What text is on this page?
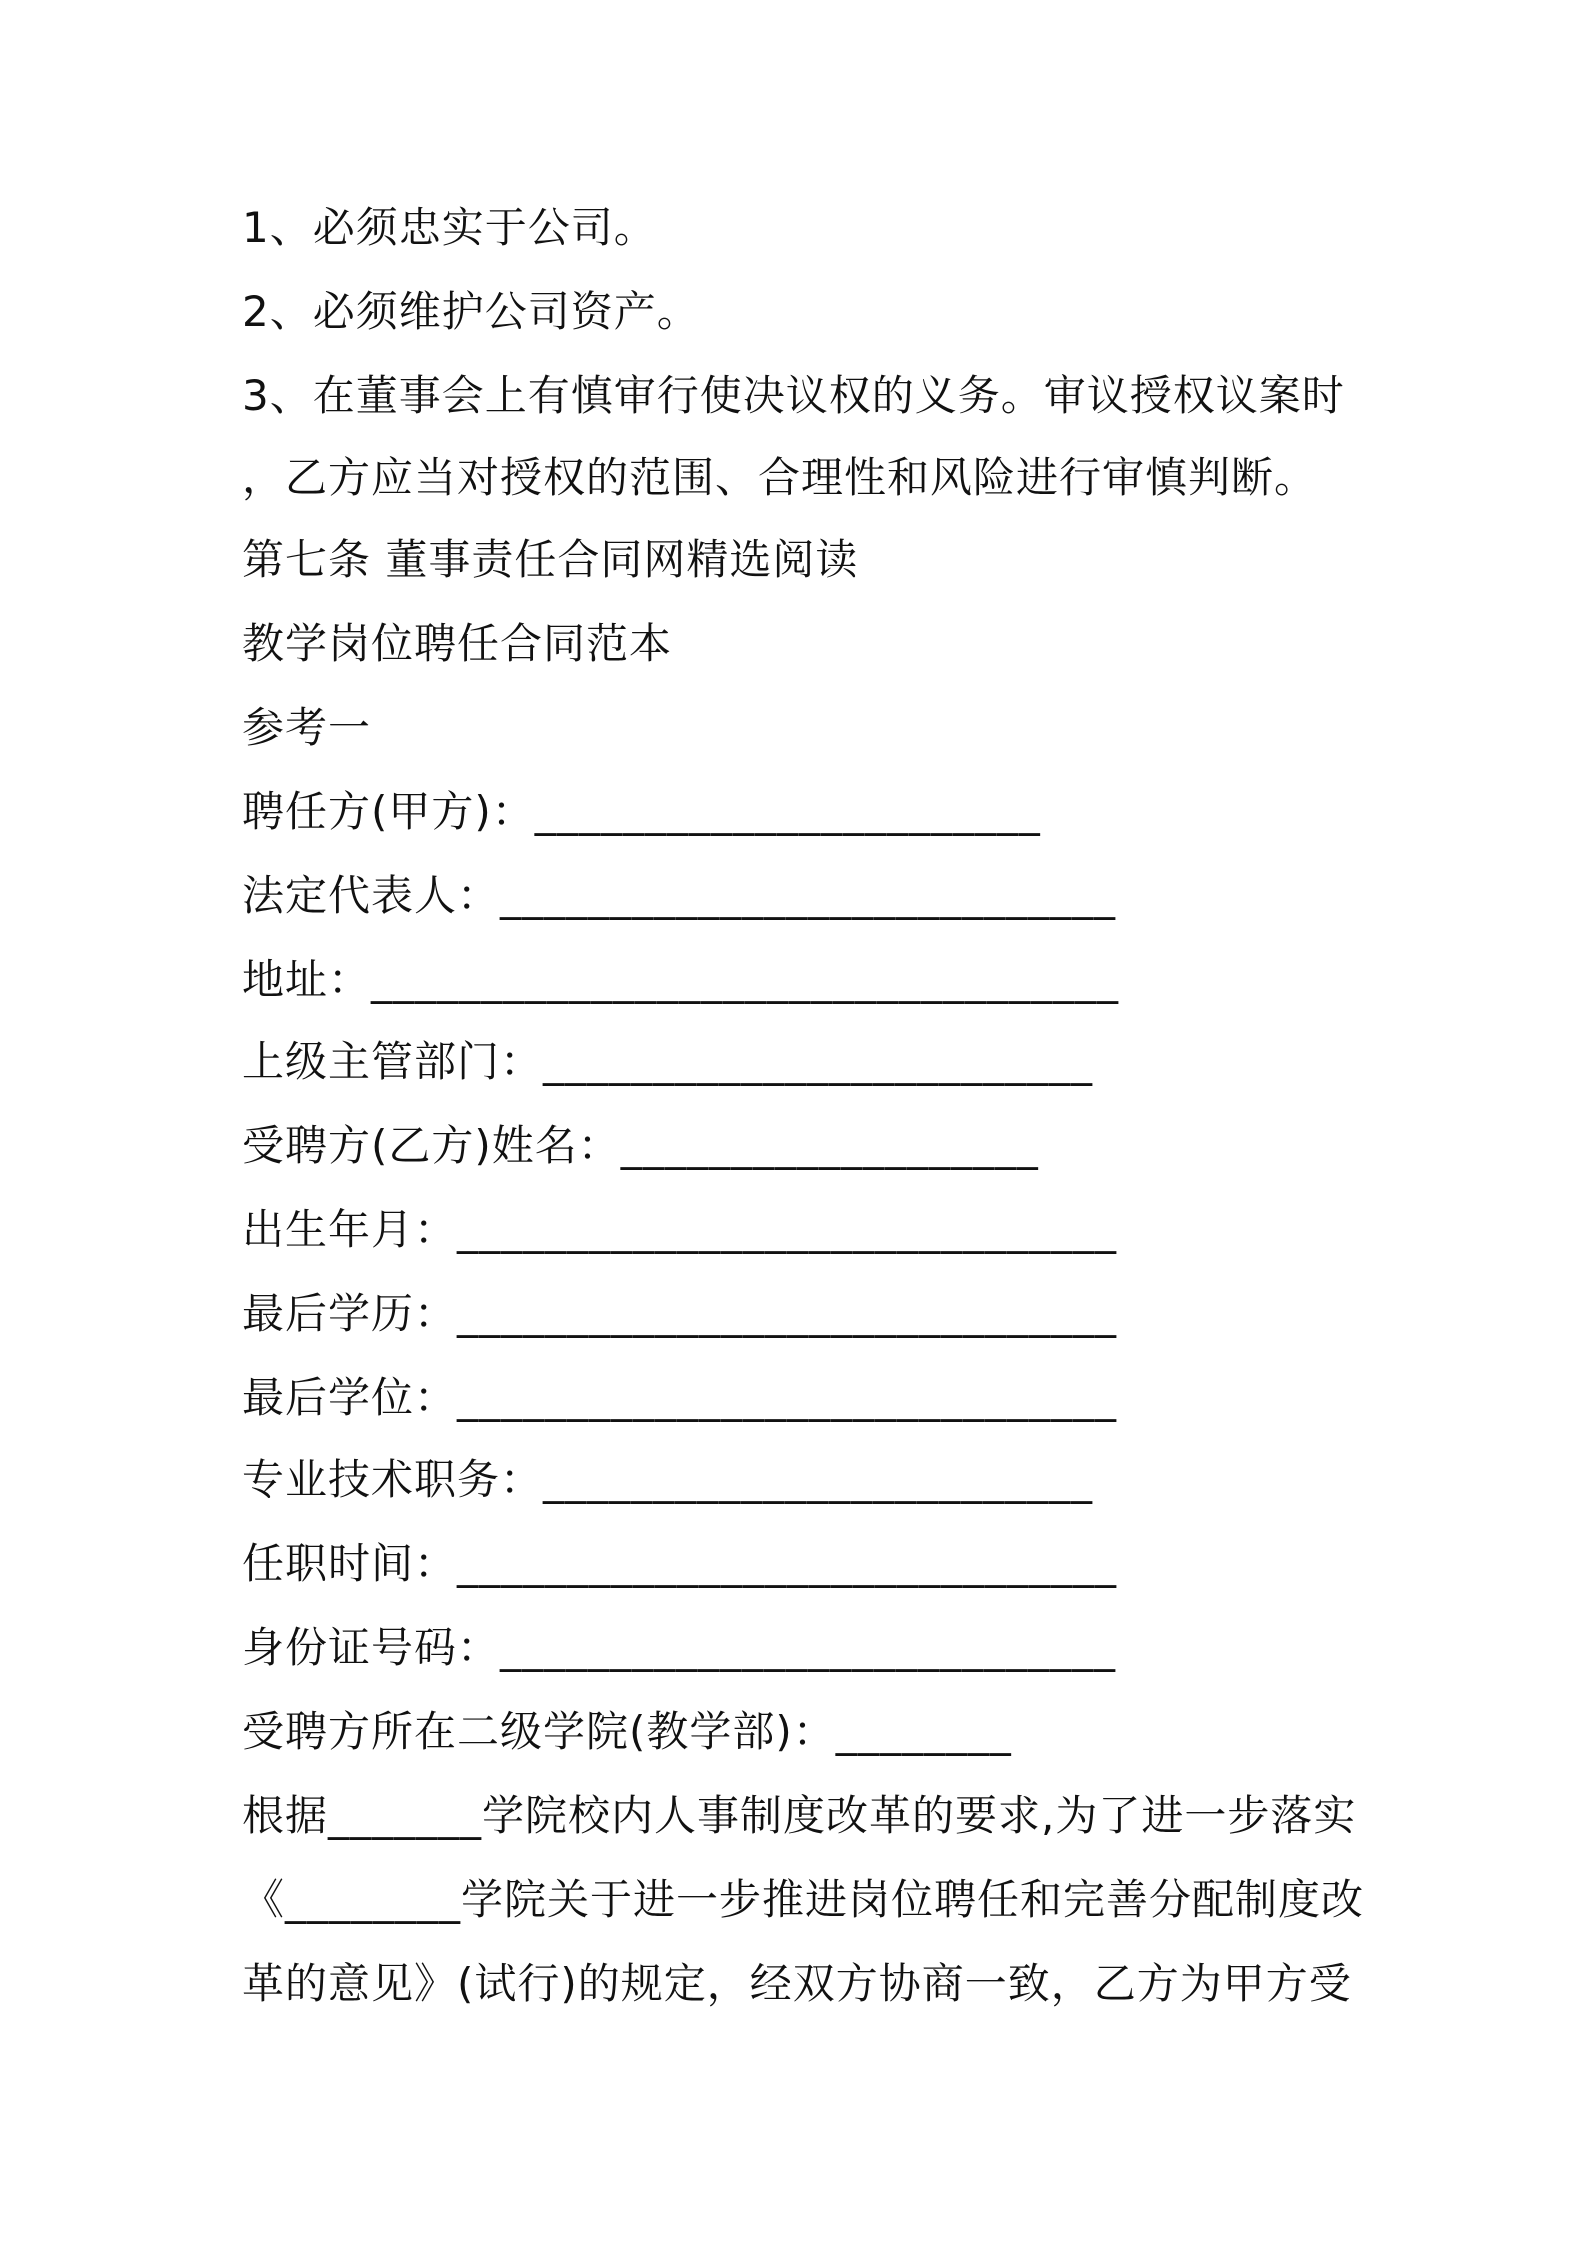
1、必须忠实于公司。
2、必须维护公司资产。
3、在董事会上有慎审行使决议权的义务。审议授权议案时
，乙方应当对授权的范围、合理性和风险进行审慎判断。
第七条 董事责任合同网精选阅读
教学岗位聘任合同范本
参考一
聘任方(甲方)：_______________________
法定代表人：____________________________
地址：__________________________________
上级主管部门：_________________________
受聘方(乙方)姓名：___________________
出生年月：______________________________
最后学历：______________________________
最后学位：______________________________
专业技术职务：_________________________
任职时间：______________________________
身份证号码：____________________________
受聘方所在二级学院(教学部)：________
根据_______学院校内人事制度改革的要求,为了进一步落实
《________学院关于进一步推进岗位聘任和完善分配制度改
革的意见》(试行)的规定，经双方协商一致，乙方为甲方受
